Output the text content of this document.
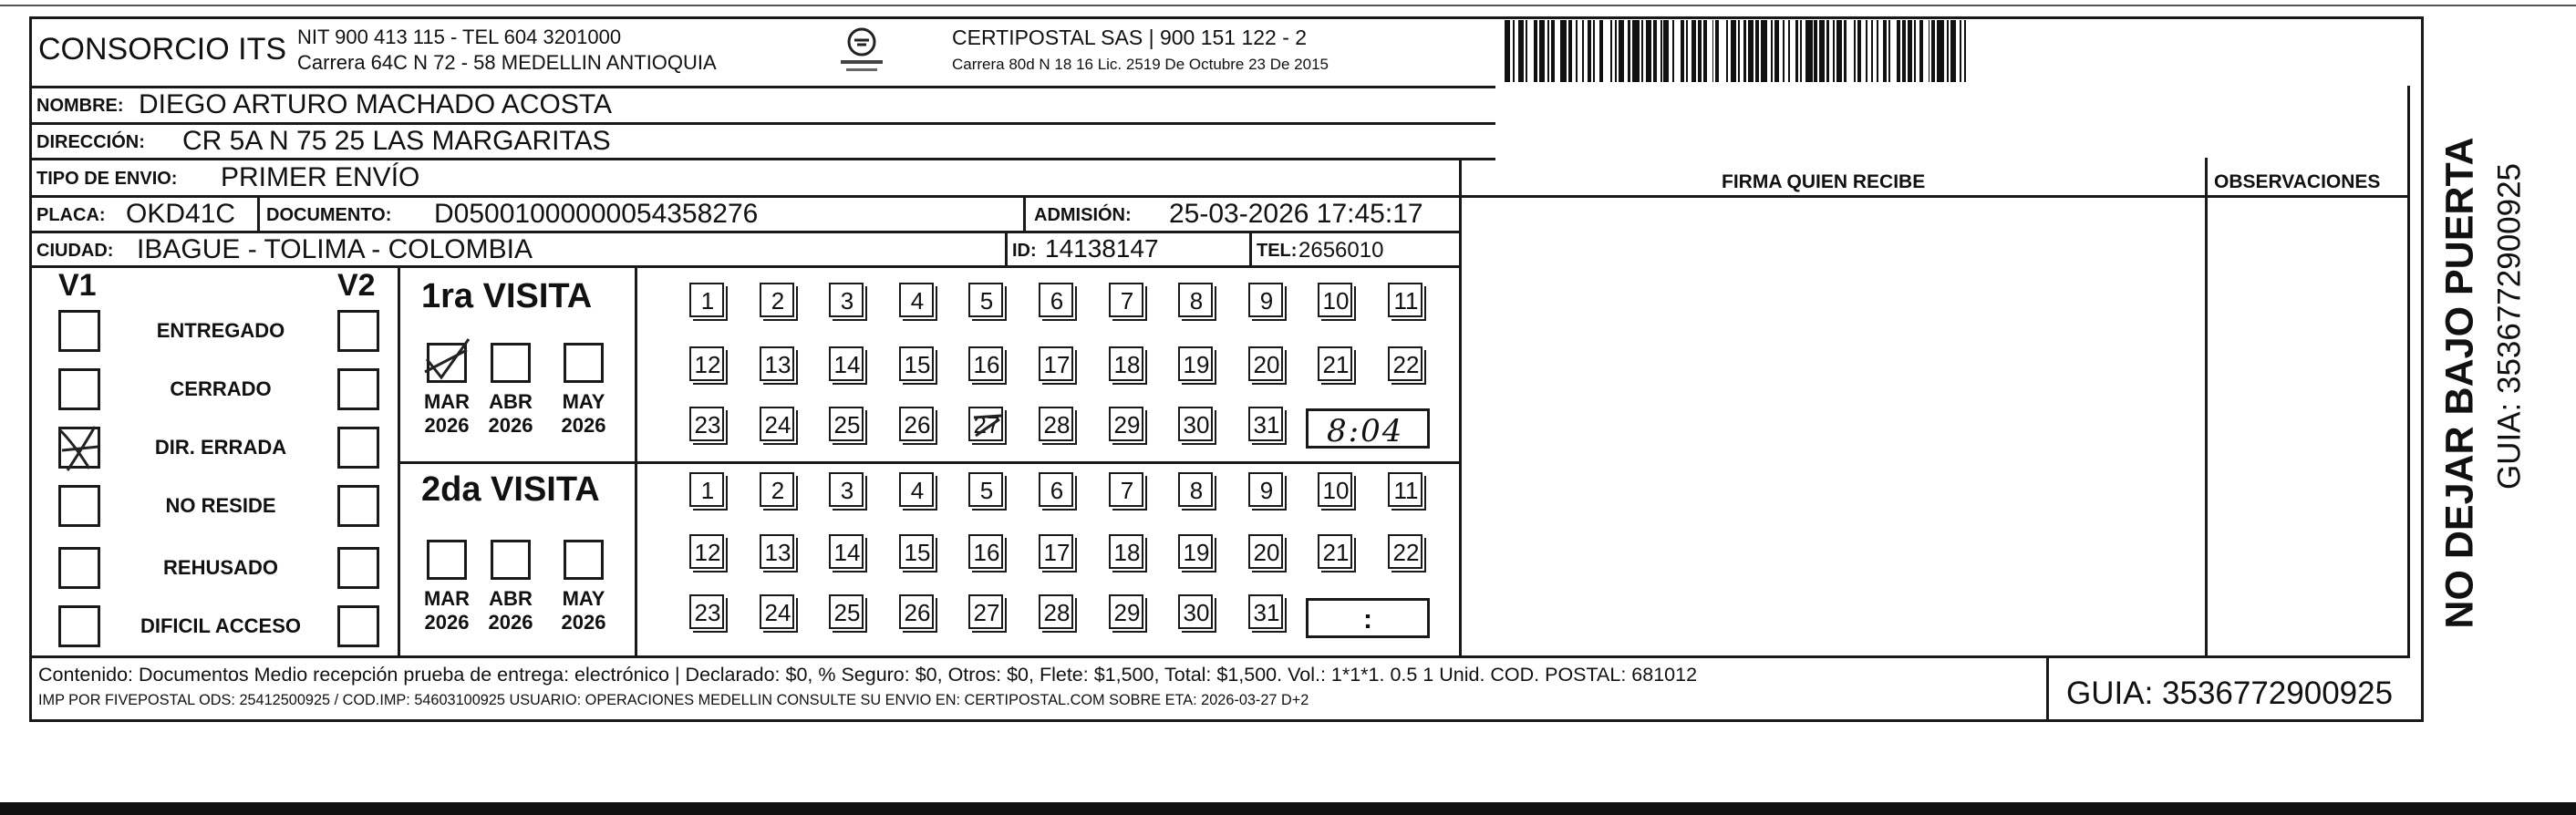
CONSORCIO ITS NIT 900 413 115 - TEL 604 3201000
Carrera 64C N 72 - 58 MEDELLIN ANTIOQUIA
CERTIPOSTAL SAS | 900 151 122 - 2
Carrera 80d N 18 16 Lic. 2519 De Octubre 23 De 2015
NOMBRE: DIEGO ARTURO MACHADO ACOSTA
DIRECCIÓN: CR 5A N 75 25 LAS MARGARITAS
TIPO DE ENVIO: PRIMER ENVÍO	FIRMA QUIEN RECIBE	OBSERVACIONES
PLACA: OKD41C DOCUMENTO: D05001000000054358276	ADMISIÓN: 25-03-2026 17:45:17
CIUDAD: IBAGUE - TOLIMA - COLOMBIA	ID: 14138147	TEL: 2656010
V1	V2
ENTREGADO
CERRADO
DIR. ERRADA
NO RESIDE
REHUSADO
DIFICIL ACCESO
1ra VISITA
MAR
2026
ABR
2026
MAY
2026
1	2	3	4	5	6	7	8	9	10 11
12 13 14 15 16 17 18 19 20 21 22
23 24 25 26 27 28 29 30 31 8:04
2da VISITA
MAR
2026
ABR
2026
MAY
2026
1	2	3	4	5	6	7	8	9	10 11
12 13 14 15 16 17 18 19 20 21 22
23 24 25 26 27 28 29 30 31	:
Contenido: Documentos Medio recepción prueba de entrega: electrónico | Declarado: $0, % Seguro: $0, Otros: $0, Flete: $1,500, Total: $1,500. Vol.: 1*1*1. 0.5 1 Unid. COD. POSTAL: 681012
IMP POR FIVEPOSTAL ODS: 25412500925 / COD.IMP: 54603100925 USUARIO: OPERACIONES MEDELLIN CONSULTE SU ENVIO EN: CERTIPOSTAL.COM SOBRE ETA: 2026-03-27 D+2	GUIA: 3536772900925
NO DEJAR BAJO PUERTA GUIA: 3536772900925
